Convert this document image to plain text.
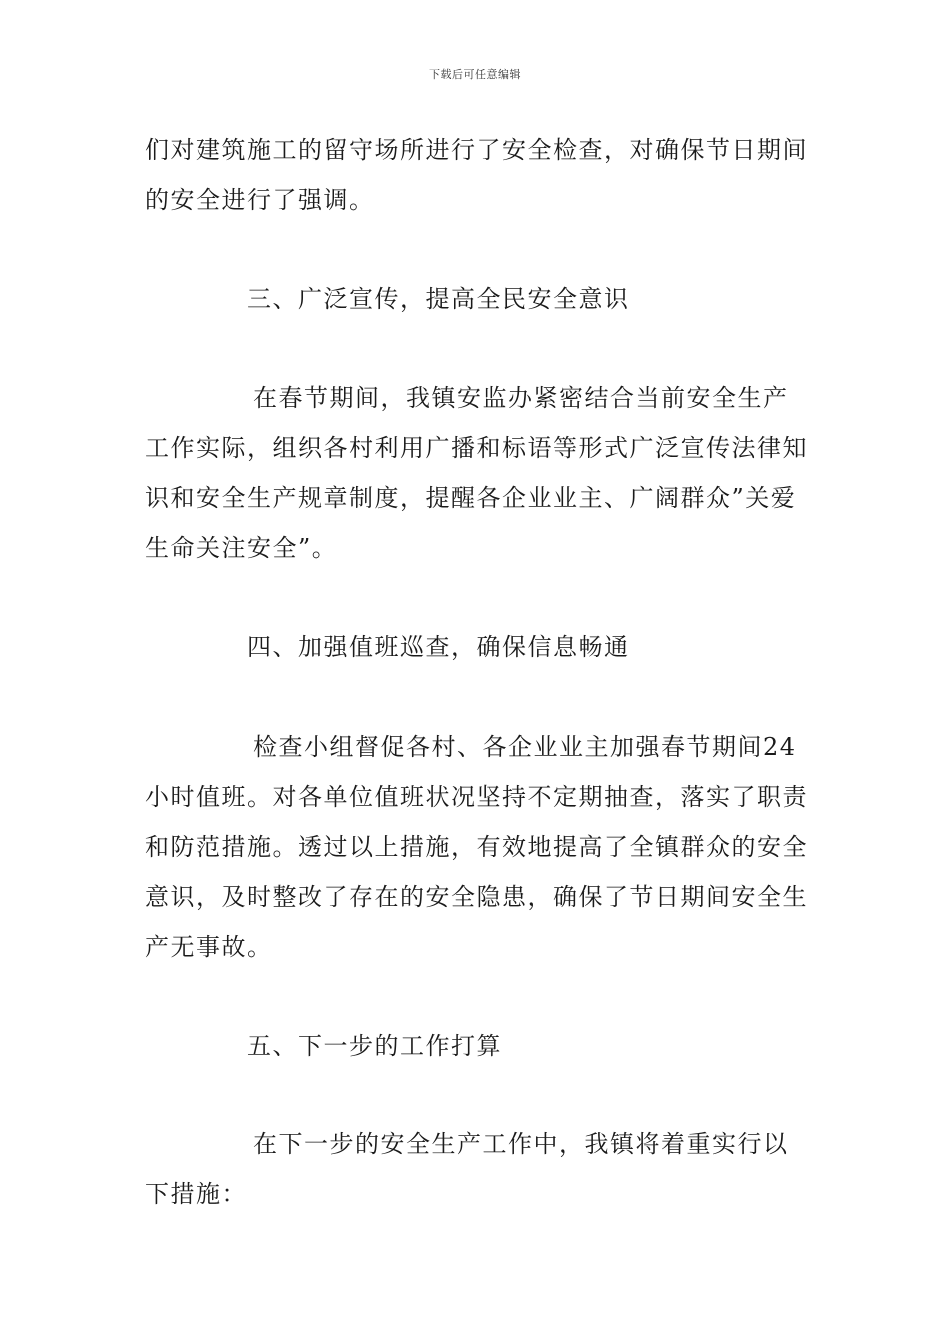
下载后可任意编辑

们对建筑施工的留守场所进行了安全检查，对确保节日期间的安全进行了强调。

三、广泛宣传，提高全民安全意识

在春节期间，我镇安监办紧密结合当前安全生产工作实际，组织各村利用广播和标语等形式广泛宣传法律知识和安全生产规章制度，提醒各企业业主、广阔群众”关爱生命关注安全”。

四、加强值班巡查，确保信息畅通

检查小组督促各村、各企业业主加强春节期间24小时值班。对各单位值班状况坚持不定期抽查，落实了职责和防范措施。透过以上措施，有效地提高了全镇群众的安全意识，及时整改了存在的安全隐患，确保了节日期间安全生产无事故。

五、下一步的工作打算

在下一步的安全生产工作中，我镇将着重实行以下措施：
